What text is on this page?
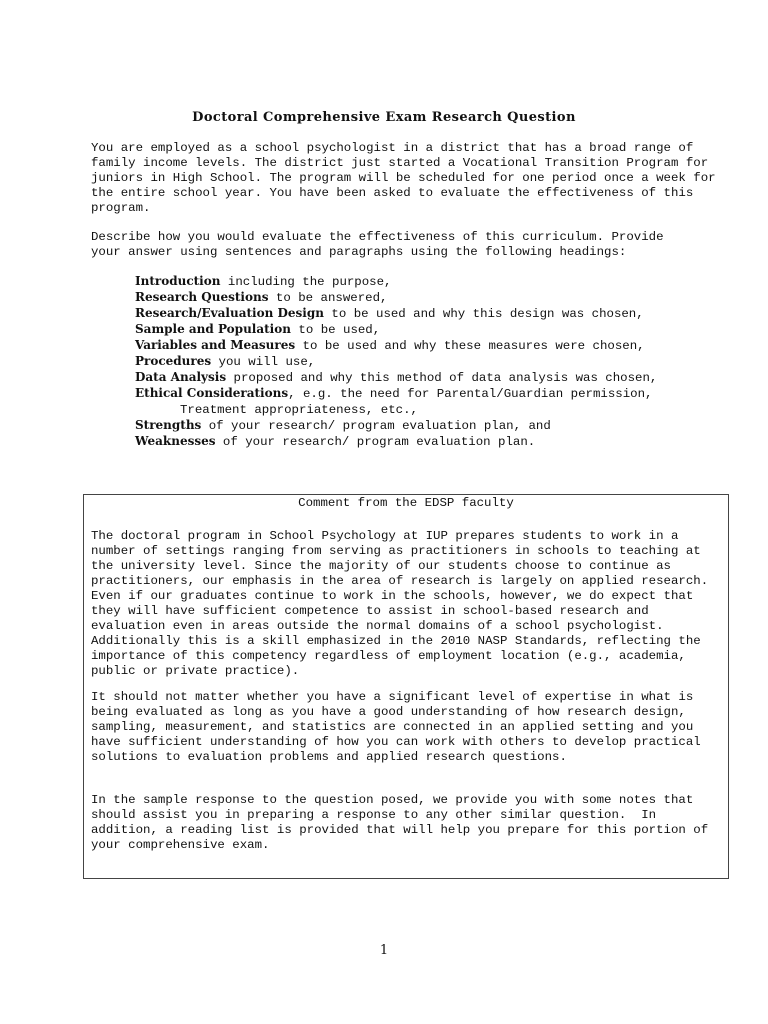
Doctoral Comprehensive Exam Research Question

You are employed as a school psychologist in a district that has a broad range of
family income levels. The district just started a Vocational Transition Program for
juniors in High School. The program will be scheduled for one period once a week for
the entire school year. You have been asked to evaluate the effectiveness of this
program.

Describe how you would evaluate the effectiveness of this curriculum. Provide
your answer using sentences and paragraphs using the following headings:

Introduction including the purpose,
Research Questions to be answered,
Research/Evaluation Design to be used and why this design was chosen,
Sample and Population to be used,
Variables and Measures to be used and why these measures were chosen,
Procedures you will use,
Data Analysis proposed and why this method of data analysis was chosen,
Ethical Considerations, e.g. the need for Parental/Guardian permission,
Treatment appropriateness, etc.,
Strengths of your research/ program evaluation plan, and
Weaknesses of your research/ program evaluation plan.

Comment from the EDSP faculty

The doctoral program in School Psychology at IUP prepares students to work in a
number of settings ranging from serving as practitioners in schools to teaching at
the university level. Since the majority of our students choose to continue as
practitioners, our emphasis in the area of research is largely on applied research.
Even if our graduates continue to work in the schools, however, we do expect that
they will have sufficient competence to assist in school-based research and
evaluation even in areas outside the normal domains of a school psychologist.
Additionally this is a skill emphasized in the 2010 NASP Standards, reflecting the
importance of this competency regardless of employment location (e.g., academia,
public or private practice).

It should not matter whether you have a significant level of expertise in what is
being evaluated as long as you have a good understanding of how research design,
sampling, measurement, and statistics are connected in an applied setting and you
have sufficient understanding of how you can work with others to develop practical
solutions to evaluation problems and applied research questions.

In the sample response to the question posed, we provide you with some notes that
should assist you in preparing a response to any other similar question.  In
addition, a reading list is provided that will help you prepare for this portion of
your comprehensive exam.

1
